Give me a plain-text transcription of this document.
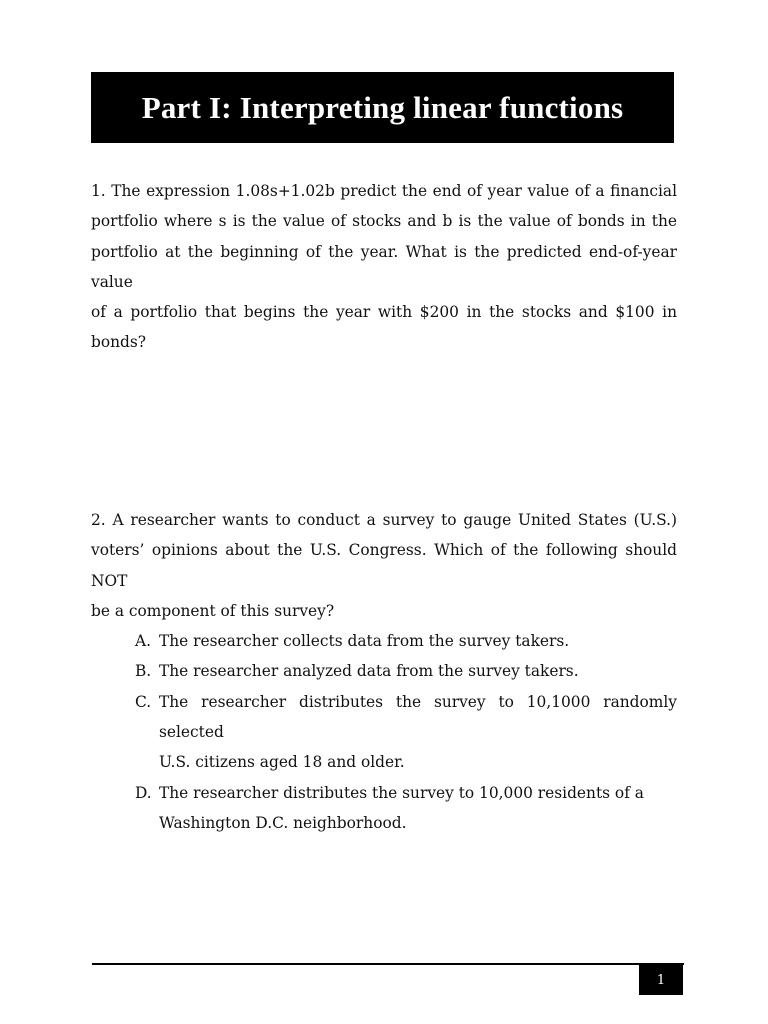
Part I: Interpreting linear functions
1. The expression 1.08s+1.02b predict the end of year value of a financial
portfolio where s is the value of stocks and b is the value of bonds in the
portfolio at the beginning of the year. What is the predicted end-of-year value
of a portfolio that begins the year with $200 in the stocks and $100 in bonds?
2. A researcher wants to conduct a survey to gauge United States (U.S.)
voters’ opinions about the U.S. Congress. Which of the following should NOT
be a component of this survey?
A. The researcher collects data from the survey takers.
B. The researcher analyzed data from the survey takers.
C. The researcher distributes the survey to 10,1000 randomly selected
U.S. citizens aged 18 and older.
D. The researcher distributes the survey to 10,000 residents of a
Washington D.C. neighborhood.
1
